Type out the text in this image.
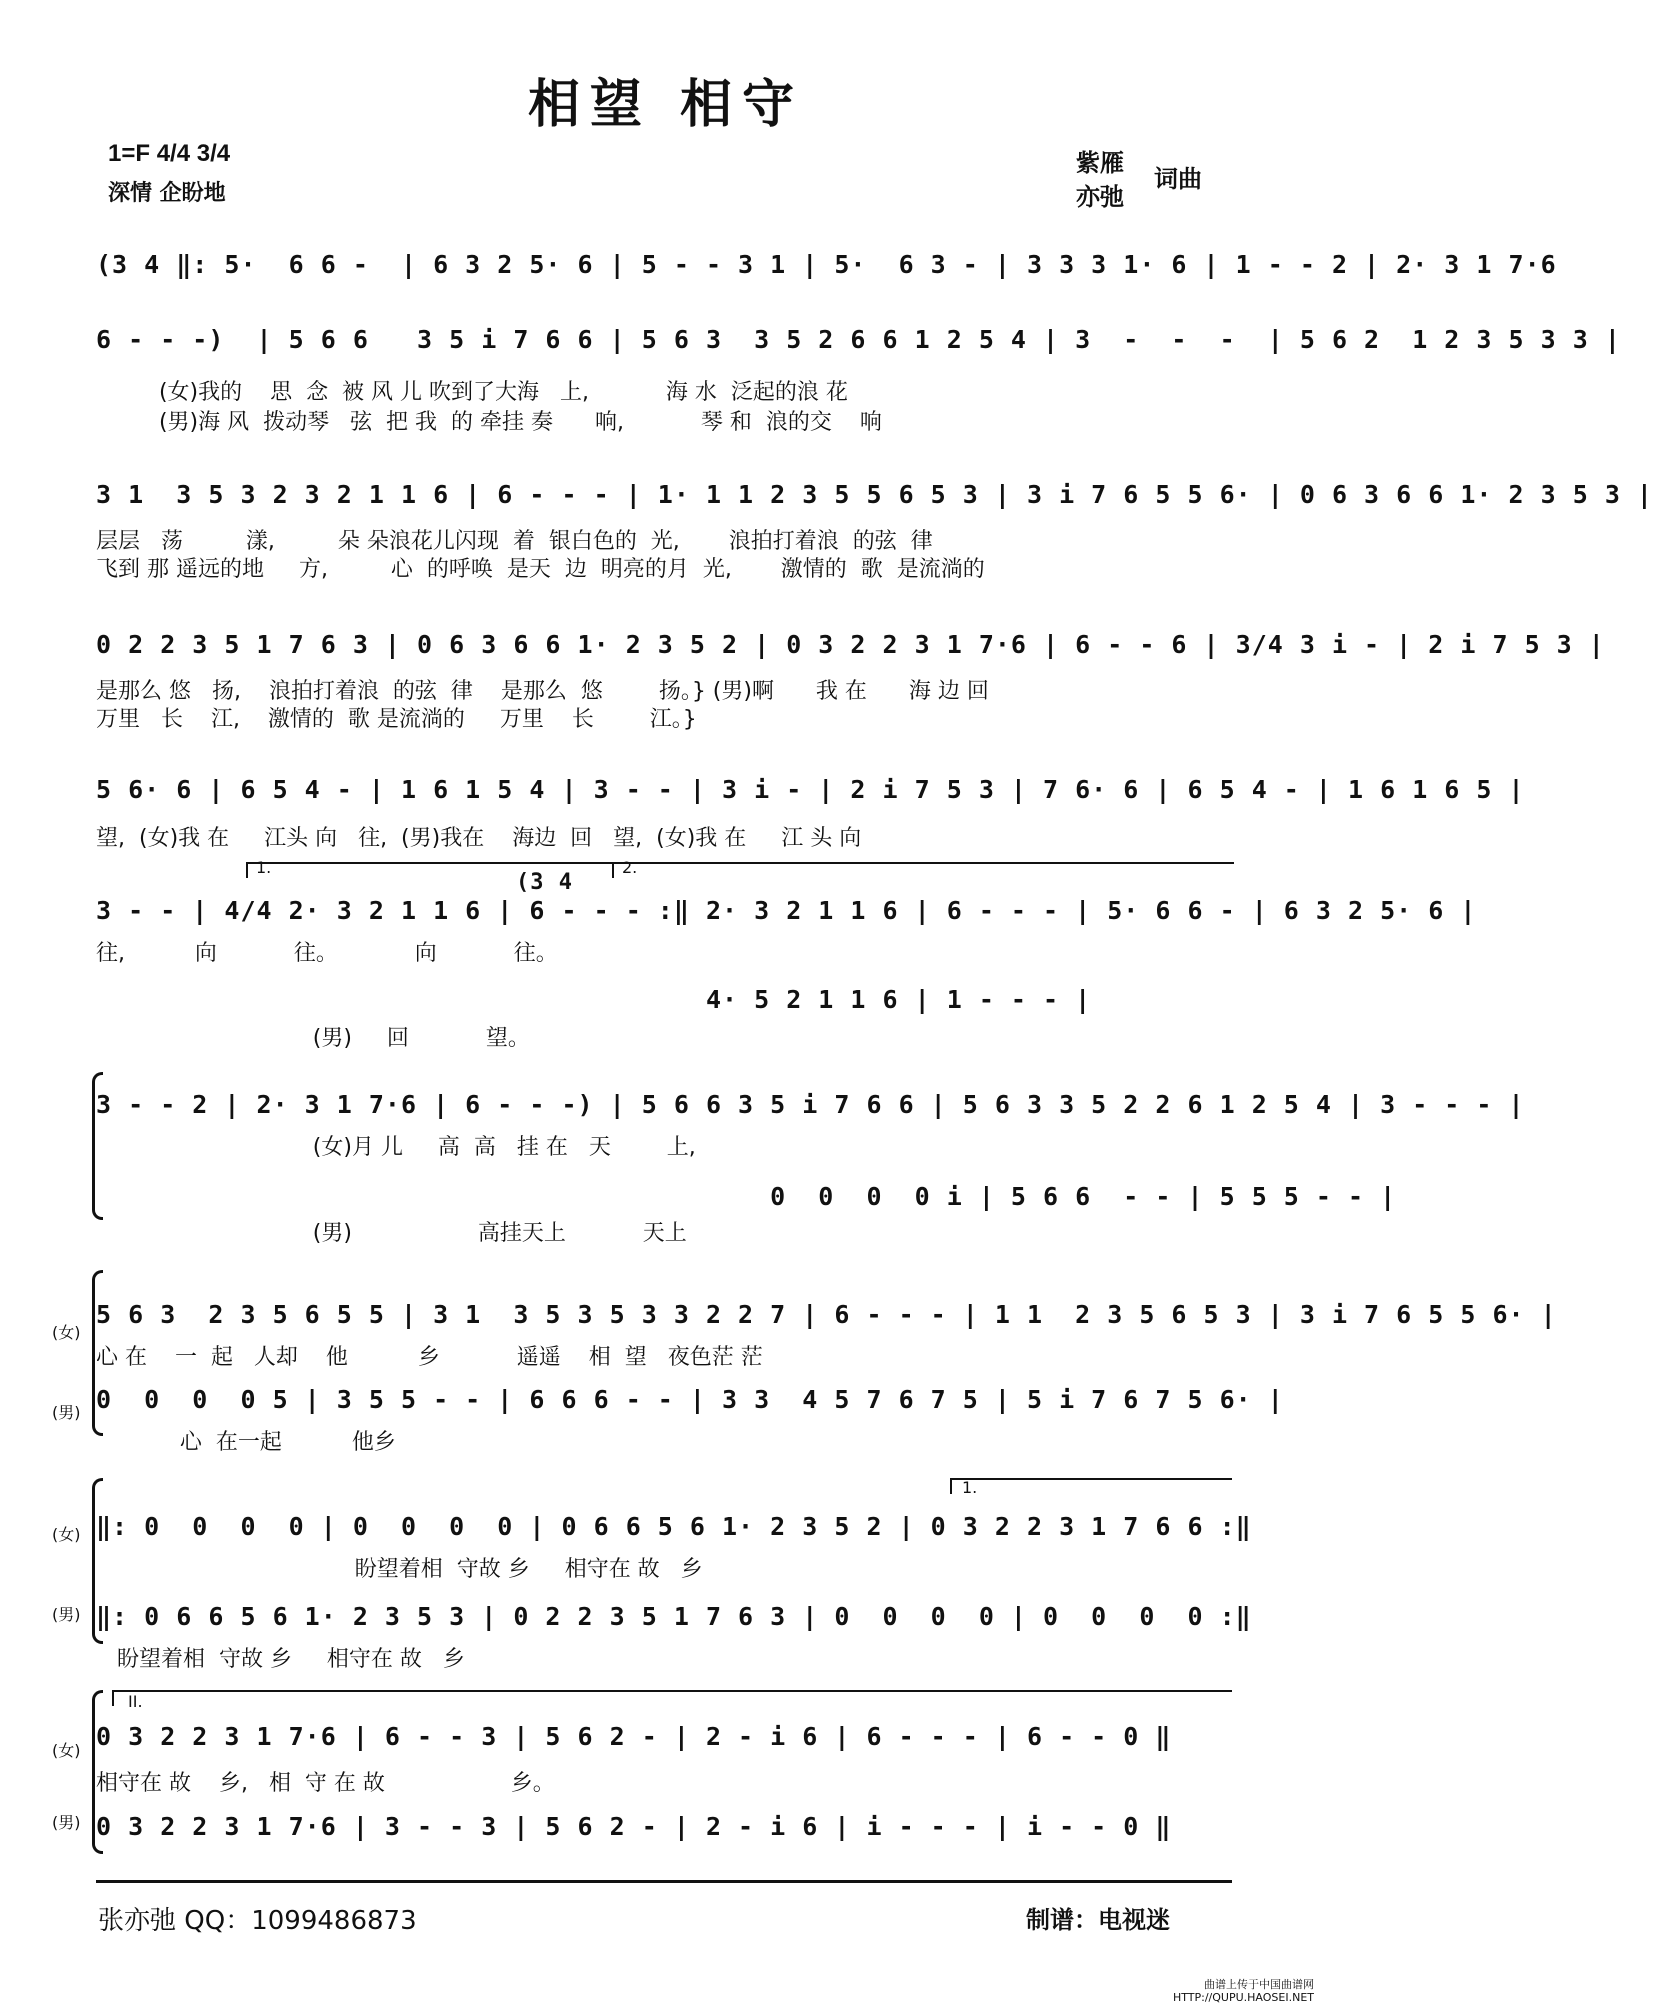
相望 相守
1=F 4/4 3/4
深情 企盼地
紫雁
亦弛
词曲
(3 4 ‖: 5·  6 6 -  | 6 3 2 5· 6 | 5 - - 3 1 | 5·  6 3 - | 3 3 3 1· 6 | 1 - - 2 | 2· 3 1 7·6
6 - - -)  | 5 6 6   3 5 i 7 6 6 | 5 6 3  3 5 2 6 6 1 2 5 4 | 3  -  -  -  | 5 6 2  1 2 3 5 3 3 |
(女)我的    思  念  被 风 儿 吹到了大海   上,           海 水  泛起的浪 花
(男)海 风  拨动琴   弦  把 我  的 牵挂 奏      响,           琴 和  浪的交    响
3 1  3 5 3 2 3 2 1 1 6 | 6 - - - | 1· 1 1 2 3 5 5 6 5 3 | 3 i 7 6 5 5 6· | 0 6 3 6 6 1· 2 3 5 3 |
层层   荡         漾,         朵 朵浪花儿闪现  着  银白色的  光,       浪拍打着浪  的弦  律
飞到 那 遥远的地     方,         心  的呼唤  是天  边  明亮的月  光,       激情的  歌  是流淌的
0 2 2 3 5 1 7 6 3 | 0 6 3 6 6 1· 2 3 5 2 | 0 3 2 2 3 1 7·6 | 6 - - 6 | 3/4 3 i - | 2 i 7 5 3 |
是那么 悠   扬,    浪拍打着浪  的弦  律    是那么  悠        扬。} (男)啊      我 在      海 边 回
万里   长    江,    激情的  歌 是流淌的     万里    长        江。}
5 6· 6 | 6 5 4 - | 1 6 1 5 4 | 3 - - | 3 i - | 2 i 7 5 3 | 7 6· 6 | 6 5 4 - | 1 6 1 6 5 |
望,  (女)我 在     江头 向   往,  (男)我在    海边  回   望,  (女)我 在     江 头 向
1.	2.
(3 4
3 - - | 4/4 2· 3 2 1 1 6 | 6 - - - :‖ 2· 3 2 1 1 6 | 6 - - - | 5· 6 6 - | 6 3 2 5· 6 |
往,          向           往。           向           往。
4· 5 2 1 1 6 | 1 - - - |
(男)     回           望。
3 - - 2 | 2· 3 1 7·6 | 6 - - -) | 5 6 6 3 5 i 7 6 6 | 5 6 3 3 5 2 2 6 1 2 5 4 | 3 - - - |
(女)月 儿     高  高   挂 在   天        上,
0  0  0  0 i | 5 6 6  - - | 5 5 5 - - |
(男)                  高挂天上           天上
(女)
5 6 3  2 3 5 6 5 5 | 3 1  3 5 3 5 3 3 2 2 7 | 6 - - - | 1 1  2 3 5 6 5 3 | 3 i 7 6 5 5 6· |
心 在    一  起   人却    他          乡           遥遥    相  望   夜色茫 茫
(男) 0  0  0  0 5 | 3 5 5 - - | 6 6 6 - - | 3 3  4 5 7 6 7 5 | 5 i 7 6 7 5 6· |
心  在一起          他乡
1.
(女) ‖: 0  0  0  0 | 0  0  0  0 | 0 6 6 5 6 1· 2 3 5 2 | 0 3 2 2 3 1 7 6 6 :‖
盼望着相  守故 乡     相守在 故   乡
(男) ‖: 0 6 6 5 6 1· 2 3 5 3 | 0 2 2 3 5 1 7 6 3 | 0  0  0  0 | 0  0  0  0 :‖
盼望着相  守故 乡     相守在 故   乡
II.
(女) 0 3 2 2 3 1 7·6 | 6 - - 3 | 5 6 2 - | 2 - i 6 | 6 - - - | 6 - - 0 ‖
相守在 故    乡,   相  守 在 故                  乡。
(男) 0 3 2 2 3 1 7·6 | 3 - - 3 | 5 6 2 - | 2 - i 6 | i - - - | i - - 0 ‖
张亦弛 QQ：1099486873	制谱：电视迷
曲谱上传于中国曲谱网
HTTP://QUPU.HAOSEI.NET
